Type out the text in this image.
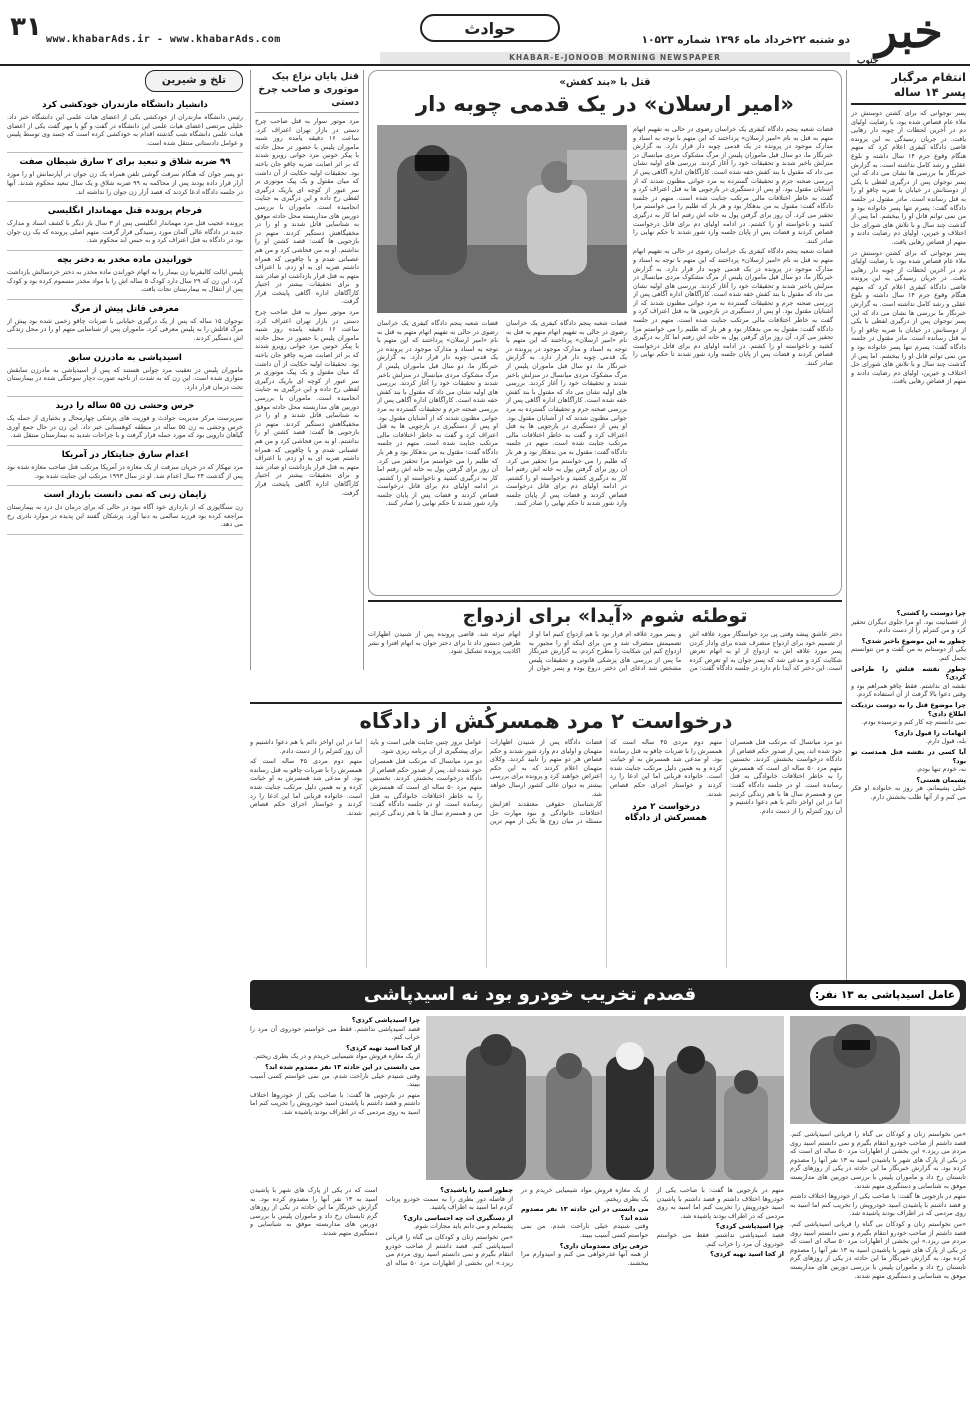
۳۱ www.khabarAds.ir - www.khabarAds.com
حوادث
دو شنبه ۲۲خرداد ماه ۱۳۹۶ شماره ۱۰۵۲۳ خبر
جنوب
KHABAR-E-JONOOB MORNING NEWSPAPER
انتقام مرگبار
پسر ۱۴ ساله

پسر نوجوانی که برای کشتن دوستش در ملاء عام قصاص شده بود، با رضایت اولیای دم در آخرین لحظات از چوبه دار رهایی یافت. در جریان رسیدگی به این پرونده قاضی دادگاه کیفری اعلام کرد که متهم هنگام وقوع جرم ۱۴ سال داشته و بلوغ عقلی و رشد کامل نداشته است. به گزارش خبرنگار ما بررسی ها نشان می داد که این پسر نوجوان پس از درگیری لفظی با یکی از دوستانش در خیابان با ضربه چاقو او را به قتل رسانده است. مادر مقتول در جلسه دادگاه گفت: پسرم تنها پسر خانواده بود و من نمی توانم قاتل او را ببخشم. اما پس از گذشت چند سال و با تلاش های شورای حل اختلاف و خیرین، اولیای دم رضایت دادند و متهم از قصاص رهایی یافت.

پسر نوجوانی که برای کشتن دوستش در ملاء عام قصاص شده بود، با رضایت اولیای دم در آخرین لحظات از چوبه دار رهایی یافت. در جریان رسیدگی به این پرونده قاضی دادگاه کیفری اعلام کرد که متهم هنگام وقوع جرم ۱۴ سال داشته و بلوغ عقلی و رشد کامل نداشته است. به گزارش خبرنگار ما بررسی ها نشان می داد که این پسر نوجوان پس از درگیری لفظی با یکی از دوستانش در خیابان با ضربه چاقو او را به قتل رسانده است. مادر مقتول در جلسه دادگاه گفت: پسرم تنها پسر خانواده بود و من نمی توانم قاتل او را ببخشم. اما پس از گذشت چند سال و با تلاش های شورای حل اختلاف و خیرین، اولیای دم رضایت دادند و متهم از قصاص رهایی یافت.

چرا دوستت را کشتی؟

از عصبانیت بود. او مرا جلوی دیگران تحقیر کرد و من کنترلم را از دست دادم.

چطور به این موضوع باخبر شدی؟

یکی از دوستانم به من گفت و من نتوانستم تحمل کنم.

چطور نقشه قتلش را طراحی کردی؟

نقشه ای نداشتم. فقط چاقو همراهم بود و وقتی دعوا بالا گرفت از آن استفاده کردم.

چرا موضوع قتل را به دوست نزدیکت اطلاع دادی؟

نمی دانستم چه کار کنم و ترسیده بودم.

اتهامات را قبول داری؟

بله، قبول دارم.

آیا کسی در نقشه قتل همدست تو بود؟

نه، خودم تنها بودم.

پشیمان هستی؟

خیلی پشیمانم. هر روز به خانواده او فکر می کنم و از آنها طلب بخشش دارم.

قتل با «بند کفش»
«امیر ارسلان» در یک قدمی چوبه دار

قضات شعبه پنجم دادگاه کیفری یک خراسان رضوی در حالی به تفهیم اتهام متهم به قتل به نام «امیر ارسلان» پرداختند که این متهم با توجه به اسناد و مدارک موجود در پرونده در یک قدمی چوبه دار قرار دارد. به گزارش خبرنگار ما، دو سال قبل ماموران پلیس از مرگ مشکوک مردی میانسال در منزلش باخبر شدند و تحقیقات خود را آغاز کردند. بررسی های اولیه نشان می داد که مقتول با بند کفش خفه شده است. کارآگاهان اداره آگاهی پس از بررسی صحنه جرم و تحقیقات گسترده به مرد جوانی مظنون شدند که از آشنایان مقتول بود. او پس از دستگیری در بازجویی ها به قتل اعتراف کرد و گفت به خاطر اختلافات مالی مرتکب جنایت شده است. متهم در جلسه دادگاه گفت: مقتول به من بدهکار بود و هر بار که طلبم را می خواستم مرا تحقیر می کرد. آن روز برای گرفتن پول به خانه اش رفتم اما کار به درگیری کشید و ناخواسته او را کشتم. در ادامه اولیای دم برای قاتل درخواست قصاص کردند و قضات پس از پایان جلسه وارد شور شدند تا حکم نهایی را صادر کنند.

قضات شعبه پنجم دادگاه کیفری یک خراسان رضوی در حالی به تفهیم اتهام متهم به قتل به نام «امیر ارسلان» پرداختند که این متهم با توجه به اسناد و مدارک موجود در پرونده در یک قدمی چوبه دار قرار دارد. به گزارش خبرنگار ما، دو سال قبل ماموران پلیس از مرگ مشکوک مردی میانسال در منزلش باخبر شدند و تحقیقات خود را آغاز کردند. بررسی های اولیه نشان می داد که مقتول با بند کفش خفه شده است. کارآگاهان اداره آگاهی پس از بررسی صحنه جرم و تحقیقات گسترده به مرد جوانی مظنون شدند که از آشنایان مقتول بود. او پس از دستگیری در بازجویی ها به قتل اعتراف کرد و گفت به خاطر اختلافات مالی مرتکب جنایت شده است. متهم در جلسه دادگاه گفت: مقتول به من بدهکار بود و هر بار که طلبم را می خواستم مرا تحقیر می کرد. آن روز برای گرفتن پول به خانه اش رفتم اما کار به درگیری کشید و ناخواسته او را کشتم. در ادامه اولیای دم برای قاتل درخواست قصاص کردند و قضات پس از پایان جلسه وارد شور شدند تا حکم نهایی را صادر کنند.

قضات شعبه پنجم دادگاه کیفری یک خراسان رضوی در حالی به تفهیم اتهام متهم به قتل به نام «امیر ارسلان» پرداختند که این متهم با توجه به اسناد و مدارک موجود در پرونده در یک قدمی چوبه دار قرار دارد. به گزارش خبرنگار ما، دو سال قبل ماموران پلیس از مرگ مشکوک مردی میانسال در منزلش باخبر شدند و تحقیقات خود را آغاز کردند. بررسی های اولیه نشان می داد که مقتول با بند کفش خفه شده است. کارآگاهان اداره آگاهی پس از بررسی صحنه جرم و تحقیقات گسترده به مرد جوانی مظنون شدند که از آشنایان مقتول بود. او پس از دستگیری در بازجویی ها به قتل اعتراف کرد و گفت به خاطر اختلافات مالی مرتکب جنایت شده است. متهم در جلسه دادگاه گفت: مقتول به من بدهکار بود و هر بار که طلبم را می خواستم مرا تحقیر می کرد. آن روز برای گرفتن پول به خانه اش رفتم اما کار به درگیری کشید و ناخواسته او را کشتم. در ادامه اولیای دم برای قاتل درخواست قصاص کردند و قضات پس از پایان جلسه وارد شور شدند تا حکم نهایی را صادر کنند.

قضات شعبه پنجم دادگاه کیفری یک خراسان رضوی در حالی به تفهیم اتهام متهم به قتل به نام «امیر ارسلان» پرداختند که این متهم با توجه به اسناد و مدارک موجود در پرونده در یک قدمی چوبه دار قرار دارد. به گزارش خبرنگار ما، دو سال قبل ماموران پلیس از مرگ مشکوک مردی میانسال در منزلش باخبر شدند و تحقیقات خود را آغاز کردند. بررسی های اولیه نشان می داد که مقتول با بند کفش خفه شده است. کارآگاهان اداره آگاهی پس از بررسی صحنه جرم و تحقیقات گسترده به مرد جوانی مظنون شدند که از آشنایان مقتول بود. او پس از دستگیری در بازجویی ها به قتل اعتراف کرد و گفت به خاطر اختلافات مالی مرتکب جنایت شده است. متهم در جلسه دادگاه گفت: مقتول به من بدهکار بود و هر بار که طلبم را می خواستم مرا تحقیر می کرد. آن روز برای گرفتن پول به خانه اش رفتم اما کار به درگیری کشید و ناخواسته او را کشتم. در ادامه اولیای دم برای قاتل درخواست قصاص کردند و قضات پس از پایان جلسه وارد شور شدند تا حکم نهایی را صادر کنند.

قتل پایان نزاع پیک موتوری و صاحب چرخ دستی

مرد موتور سوار به قتل صاحب چرخ دستی در بازار تهران اعتراف کرد. ساعت ۱۶ دقیقه یامده روز شنبه ماموران پلیس با حضور در محل حادثه با پیکر خونین مرد جوانی روبرو شدند که بر اثر اصابت ضربه چاقو جان باخته بود. تحقیقات اولیه حکایت از آن داشت که میان مقتول و یک پیک موتوری بر سر عبور از کوچه ای باریک درگیری لفظی رخ داده و این درگیری به جنایت انجامیده است. ماموران با بررسی دوربین های مداربسته محل حادثه موفق به شناسایی قاتل شدند و او را در مخفیگاهش دستگیر کردند. متهم در بازجویی ها گفت: قصد کشتن او را نداشتم. او به من فحاشی کرد و من هم عصبانی شدم و با چاقویی که همراه داشتم ضربه ای به او زدم. با اعتراف متهم به قتل قرار بازداشت او صادر شد و برای تحقیقات بیشتر در اختیار کارآگاهان اداره آگاهی پایتخت قرار گرفت.

مرد موتور سوار به قتل صاحب چرخ دستی در بازار تهران اعتراف کرد. ساعت ۱۶ دقیقه یامده روز شنبه ماموران پلیس با حضور در محل حادثه با پیکر خونین مرد جوانی روبرو شدند که بر اثر اصابت ضربه چاقو جان باخته بود. تحقیقات اولیه حکایت از آن داشت که میان مقتول و یک پیک موتوری بر سر عبور از کوچه ای باریک درگیری لفظی رخ داده و این درگیری به جنایت انجامیده است. ماموران با بررسی دوربین های مداربسته محل حادثه موفق به شناسایی قاتل شدند و او را در مخفیگاهش دستگیر کردند. متهم در بازجویی ها گفت: قصد کشتن او را نداشتم. او به من فحاشی کرد و من هم عصبانی شدم و با چاقویی که همراه داشتم ضربه ای به او زدم. با اعتراف متهم به قتل قرار بازداشت او صادر شد و برای تحقیقات بیشتر در اختیار کارآگاهان اداره آگاهی پایتخت قرار گرفت.

تلخ و شیرین
دانشیار دانشگاه مازندران خودکشی کرد

رئیس دانشگاه مازندران از خودکشی یکی از اعضای هیات علمی این دانشگاه خبر داد. خلیلی مرتضی اعضای هیات علمی این دانشگاه در گفت و گو با مهر گفت یکی از اعضای هیات علمی دانشگاه شب گذشته اقدام به خودکشی کرده است که جسد وی توسط پلیس و عوامل دادستانی منتقل شده است.

۹۹ ضربه شلاق و تبعید برای ۲ سارق شیطان صفت

دو پسر جوان که هنگام سرقت گوشی تلفن همراه یک زن جوان در آپارتمانش او را مورد آزار قرار داده بودند پس از محاکمه به ۹۹ ضربه شلاق و یک سال تبعید محکوم شدند. آنها در جلسه دادگاه ادعا کردند که قصد آزار زن جوان را نداشته اند.

فرجام پرونده قتل مهماندار انگلیسی

پرونده عجیب قتل مرد مهماندار انگلیسی پس از ۳ سال باز دیگر با کشف اسناد و مدارک جدید در دادگاه عالی آلمان مورد رسیدگی قرار گرفت. متهم اصلی پرونده که یک زن جوان بود در دادگاه به قتل اعتراف کرد و به حبس ابد محکوم شد.

خورانیدن ماده مخدر به دختر بچه

پلیس ایالت کالیفرنیا زن بیمار را به اتهام خوراندن ماده مخدر به دختر خردسالش بازداشت کرد. این زن که ۲۹ سال دارد کودک ۵ ساله اش را با مواد مخدر مسموم کرده بود و کودک پس از انتقال به بیمارستان نجات یافت.

معرفی قاتل پیش از مرگ

نوجوان ۱۵ ساله که پس از یک درگیری خیابانی با ضربات چاقو زخمی شده بود پیش از مرگ قاتلش را به پلیس معرفی کرد. ماموران پس از شناسایی متهم او را در محل زندگی اش دستگیر کردند.

اسیدپاشی به مادرزن سابق

ماموران پلیس در تعقیب مرد جوانی هستند که پس از اسیدپاشی به مادرزن سابقش متواری شده است. این زن که به شدت از ناحیه صورت دچار سوختگی شده در بیمارستان تحت درمان قرار دارد.

خرس وحشی زن ۵۵ ساله را درید

سرپرست مرکز مدیریت حوادث و فوریت های پزشکی چهارمحال و بختیاری از حمله یک خرس وحشی به زن ۵۵ ساله در منطقه کوهستانی خبر داد. این زن در حال جمع آوری گیاهان دارویی بود که مورد حمله قرار گرفت و با جراحات شدید به بیمارستان منتقل شد.

اعدام سارق جنایتکار در آمریکا

مرد تبهکار که در جریان سرقت از یک مغازه در آمریکا مرتکب قتل صاحب مغازه شده بود پس از گذشت ۲۴ سال اعدام شد. او در سال ۱۹۹۳ مرتکب این جنایت شده بود.

زایمان زنی که نمی دانست باردار است

زن سنگاپوری که از بارداری خود آگاه نبود در حالی که برای درمان دل درد به بیمارستان مراجعه کرده بود فرزند سالمی به دنیا آورد. پزشکان گفتند این پدیده در موارد نادری رخ می دهد.

توطئه شوم «آیدا» برای ازدواج

دختر عاشق پیشه وقتی پی برد خواستگار مورد علاقه اش از تصمیم خود برای ازدواج منصرف شده برای وادار کردن پسر مورد علاقه اش به ازدواج از او به اتهام تعرض شکایت کرد و مدعی شد که پسر جوان به او تعرض کرده است. این دختر که آیدا نام دارد در جلسه دادگاه گفت: من و پسر مورد علاقه ام قرار بود با هم ازدواج کنیم اما او از تصمیمش منصرف شد و من برای اینکه او را مجبور به ازدواج کنم این شکایت را مطرح کردم. به گزارش خبرنگار ما پس از بررسی های پزشکی قانونی و تحقیقات پلیس مشخص شد ادعای این دختر دروغ بوده و پسر جوان از اتهام تبرئه شد. قاضی پرونده پس از شنیدن اظهارات طرفین دستور داد تا برای دختر جوان به اتهام افترا و نشر اکاذیب پرونده تشکیل شود.

درخواست ۲ مرد همسرکُش از دادگاه

دو مرد میانسال که مرتکب قتل همسران خود شده اند، پس از صدور حکم قصاص از دادگاه درخواست بخشش کردند. نخستین متهم مرد ۵۰ ساله ای است که همسرش را به خاطر اختلافات خانوادگی به قتل رسانده است. او در جلسه دادگاه گفت: من و همسرم سال ها با هم زندگی کردیم اما در این اواخر دائم با هم دعوا داشتیم و آن روز کنترلم را از دست دادم.

متهم دوم مردی ۴۵ ساله است که همسرش را با ضربات چاقو به قتل رسانده بود. او مدعی شد همسرش به او خیانت کرده و به همین دلیل مرتکب جنایت شده است. خانواده قربانی اما این ادعا را رد کردند و خواستار اجرای حکم قصاص شدند.

درخواست ۲ مرد همسرکش از دادگاه

قضات دادگاه پس از شنیدن اظهارات متهمان و اولیای دم وارد شور شدند و حکم قصاص هر دو متهم را تایید کردند. وکلای متهمان اعلام کردند که به این حکم اعتراض خواهند کرد و پرونده برای بررسی بیشتر به دیوان عالی کشور ارسال خواهد شد.

کارشناسان حقوقی معتقدند افزایش اختلافات خانوادگی و نبود مهارت حل مسئله در میان زوج ها یکی از مهم ترین عوامل بروز چنین جنایت هایی است و باید برای پیشگیری از آن برنامه ریزی شود.

دو مرد میانسال که مرتکب قتل همسران خود شده اند، پس از صدور حکم قصاص از دادگاه درخواست بخشش کردند. نخستین متهم مرد ۵۰ ساله ای است که همسرش را به خاطر اختلافات خانوادگی به قتل رسانده است. او در جلسه دادگاه گفت: من و همسرم سال ها با هم زندگی کردیم اما در این اواخر دائم با هم دعوا داشتیم و آن روز کنترلم را از دست دادم.

متهم دوم مردی ۴۵ ساله است که همسرش را با ضربات چاقو به قتل رسانده بود. او مدعی شد همسرش به او خیانت کرده و به همین دلیل مرتکب جنایت شده است. خانواده قربانی اما این ادعا را رد کردند و خواستار اجرای حکم قصاص شدند.

قصدم تخریب خودرو بود نه اسیدپاشی	عامل اسیدپاشی به ۱۳ نفر:

«من نخواستم زنان و کودکان بی گناه را قربانی اسیدپاشی کنم. قصد داشتم از صاحب خودرو انتقام بگیرم و نمی دانستم اسید روی مردم می ریزد.» این بخشی از اظهارات مرد ۵۰ ساله ای است که در یکی از پارک های شهر با پاشیدن اسید به ۱۳ نفر آنها را مصدوم کرده بود. به گزارش خبرنگار ما این حادثه در یکی از روزهای گرم تابستان رخ داد و ماموران پلیس با بررسی دوربین های مداربسته موفق به شناسایی و دستگیری متهم شدند.

متهم در بازجویی ها گفت: با صاحب یکی از خودروها اختلاف داشتم و قصد داشتم با پاشیدن اسید خودرویش را تخریب کنم اما اسید به روی مردمی که در اطراف بودند پاشیده شد.

«من نخواستم زنان و کودکان بی گناه را قربانی اسیدپاشی کنم. قصد داشتم از صاحب خودرو انتقام بگیرم و نمی دانستم اسید روی مردم می ریزد.» این بخشی از اظهارات مرد ۵۰ ساله ای است که در یکی از پارک های شهر با پاشیدن اسید به ۱۳ نفر آنها را مصدوم کرده بود. به گزارش خبرنگار ما این حادثه در یکی از روزهای گرم تابستان رخ داد و ماموران پلیس با بررسی دوربین های مداربسته موفق به شناسایی و دستگیری متهم شدند.

متهم در بازجویی ها گفت: با صاحب یکی از خودروها اختلاف داشتم و قصد داشتم با پاشیدن اسید خودرویش را تخریب کنم اما اسید به روی مردمی که در اطراف بودند پاشیده شد.

چرا اسیدپاشی کردی؟

قصد اسیدپاشی نداشتم. فقط می خواستم خودروی آن مرد را خراب کنم.

از کجا اسید تهیه کردی؟

از یک مغازه فروش مواد شیمیایی خریدم و در یک بطری ریختم.

می دانستی در این حادثه ۱۳ نفر مصدوم شده اند؟

وقتی شنیدم خیلی ناراحت شدم. من نمی خواستم کسی آسیب ببیند.

حرفی برای مصدومان داری؟

از همه آنها عذرخواهی می کنم و امیدوارم مرا ببخشند.

چطور اسید را پاشیدی؟

از فاصله دور بطری را به سمت خودرو پرتاب کردم اما اسید به اطراف پاشید.

از دستگیری ات چه احساسی داری؟

پشیمانم و می دانم باید مجازات شوم.

«من نخواستم زنان و کودکان بی گناه را قربانی اسیدپاشی کنم. قصد داشتم از صاحب خودرو انتقام بگیرم و نمی دانستم اسید روی مردم می ریزد.» این بخشی از اظهارات مرد ۵۰ ساله ای است که در یکی از پارک های شهر با پاشیدن اسید به ۱۳ نفر آنها را مصدوم کرده بود. به گزارش خبرنگار ما این حادثه در یکی از روزهای گرم تابستان رخ داد و ماموران پلیس با بررسی دوربین های مداربسته موفق به شناسایی و دستگیری متهم شدند.

چرا اسیدپاشی کردی؟

قصد اسیدپاشی نداشتم. فقط می خواستم خودروی آن مرد را خراب کنم.

از کجا اسید تهیه کردی؟

از یک مغازه فروش مواد شیمیایی خریدم و در یک بطری ریختم.

می دانستی در این حادثه ۱۳ نفر مصدوم شده اند؟

وقتی شنیدم خیلی ناراحت شدم. من نمی خواستم کسی آسیب ببیند.

متهم در بازجویی ها گفت: با صاحب یکی از خودروها اختلاف داشتم و قصد داشتم با پاشیدن اسید خودرویش را تخریب کنم اما اسید به روی مردمی که در اطراف بودند پاشیده شد.
